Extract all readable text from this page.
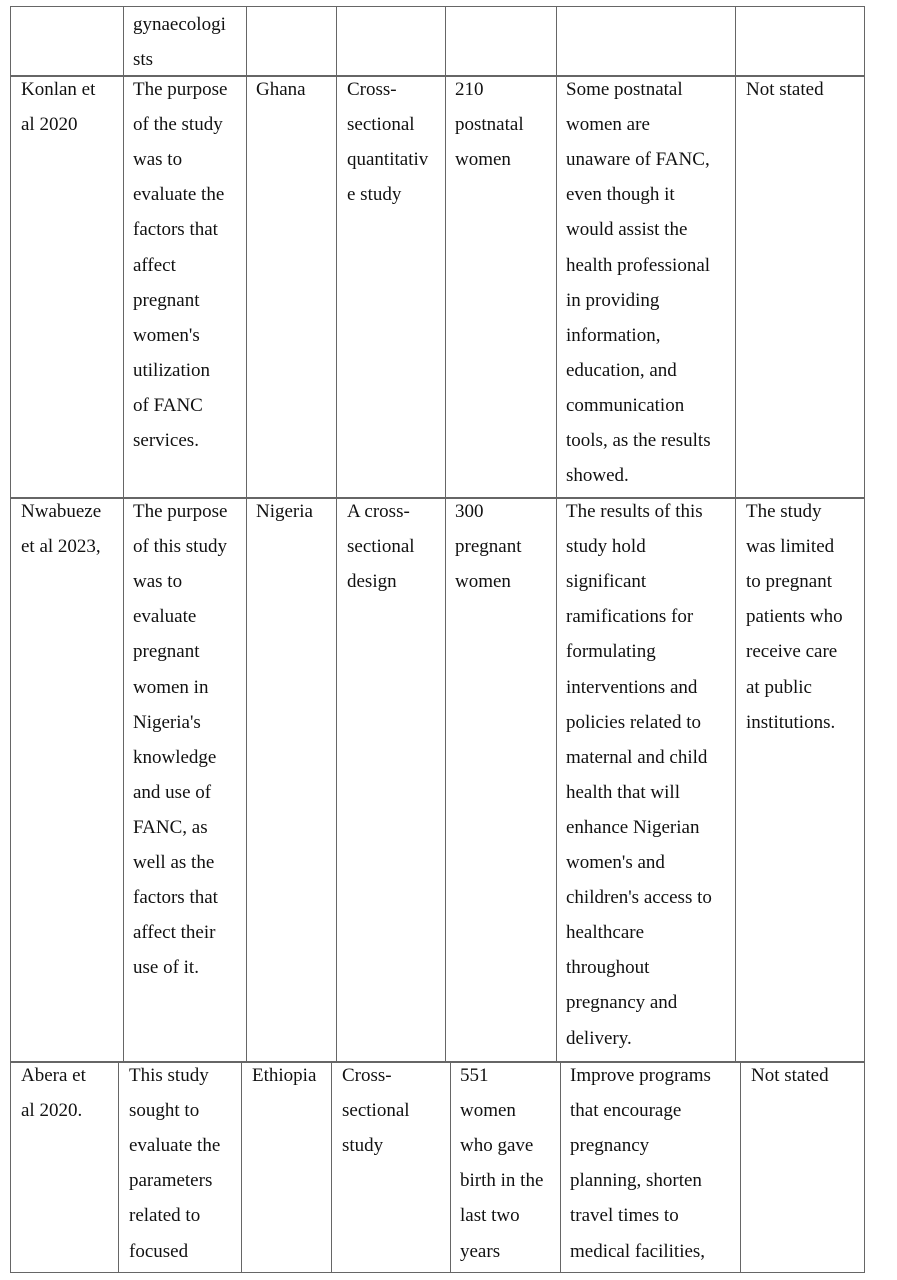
gynaecologi
sts
Konlan et
al 2020
The purpose
of the study
was to
evaluate the
factors that
affect
pregnant
women's
utilization
of FANC
services.
Ghana Cross-
sectional
quantitativ
e study
210
postnatal
women
Some postnatal
women are
unaware of FANC,
even though it
would assist the
health professional
in providing
information,
education, and
communication
tools, as the results
showed.
Not stated
Nwabueze
et al 2023,
The purpose
of this study
was to
evaluate
pregnant
women in
Nigeria's
knowledge
and use of
FANC, as
well as the
factors that
affect their
use of it.
Nigeria A cross-
sectional
design
300
pregnant
women
The results of this
study hold
significant
ramifications for
formulating
interventions and
policies related to
maternal and child
health that will
enhance Nigerian
women's and
children's access to
healthcare
throughout
pregnancy and
delivery.
The study
was limited
to pregnant
patients who
receive care
at public
institutions.
Abera et
al 2020.
This study
sought to
evaluate the
parameters
related to
focused
Ethiopia Cross-
sectional
study
551
women
who gave
birth in the
last two
years
Improve programs
that encourage
pregnancy
planning, shorten
travel times to
medical facilities,
Not stated
